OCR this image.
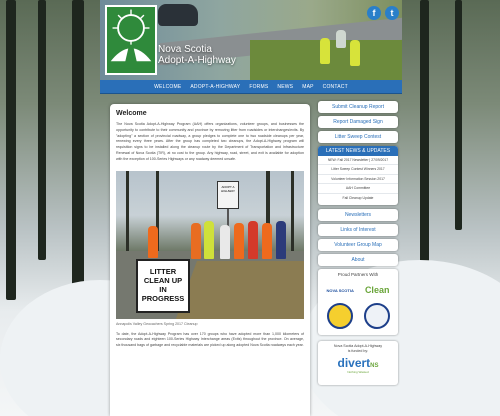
Nova Scotia
Adopt-A-Highway
f	t
WELCOME ADOPT-A-HIGHWAY FORMS NEWS MAP CONTACT
Welcome

The Nova Scotia Adopt-A-Highway Program (AAH) offers organizations, volunteer groups, and businesses the opportunity to contribute to their community and province by removing litter from roadsides or interchanges/exits. By "adopting" a section of provincial roadway, a group pledges to complete one to two roadside cleanups per year, renewing every three years. After the group has completed two cleanups, the Adopt-A-Highway program will requisition signs to be installed along the cleanup route by the Department of Transportation and Infrastructure Renewal of Nova Scotia (TIR), at no cost to the group. Any highway, road, street, and exit is available for adoption with the exception of 100-Series Highways or any roadway deemed unsafe.

ADOPT A HIGHWAY
LITTER
CLEAN UP
IN
PROGRESS
Annapolis Valley Geocachers Spring 2017 Cleanup

To date, the Adopt-A-Highway Program has over 170 groups who have adopted more than 1,000 kilometers of secondary roads and eighteen 100-Series Highway Interchange areas (Exits) throughout the province. On average, six thousand bags of garbage and recyclable materials are picked up along adopted Nova Scotia roadways each year.

Submit Cleanup Report
Report Damaged Sign
Litter Sweep Contest
LATEST NEWS & UPDATES
NEW: Fall 2017 Newsletter | 27/09/2017
Litter Sweep Contest Winners 2017
Volunteer Information Session 2017
AAH Committee
Fall Cleanup Update
Newsletters
Links of Interest
Volunteer Group Map
About
Proud Partners With
NOVA SCOTIA Clean
Nova Scotia Adopt-A-Highway
is funded by:
divertNS
Nothing Wasted
